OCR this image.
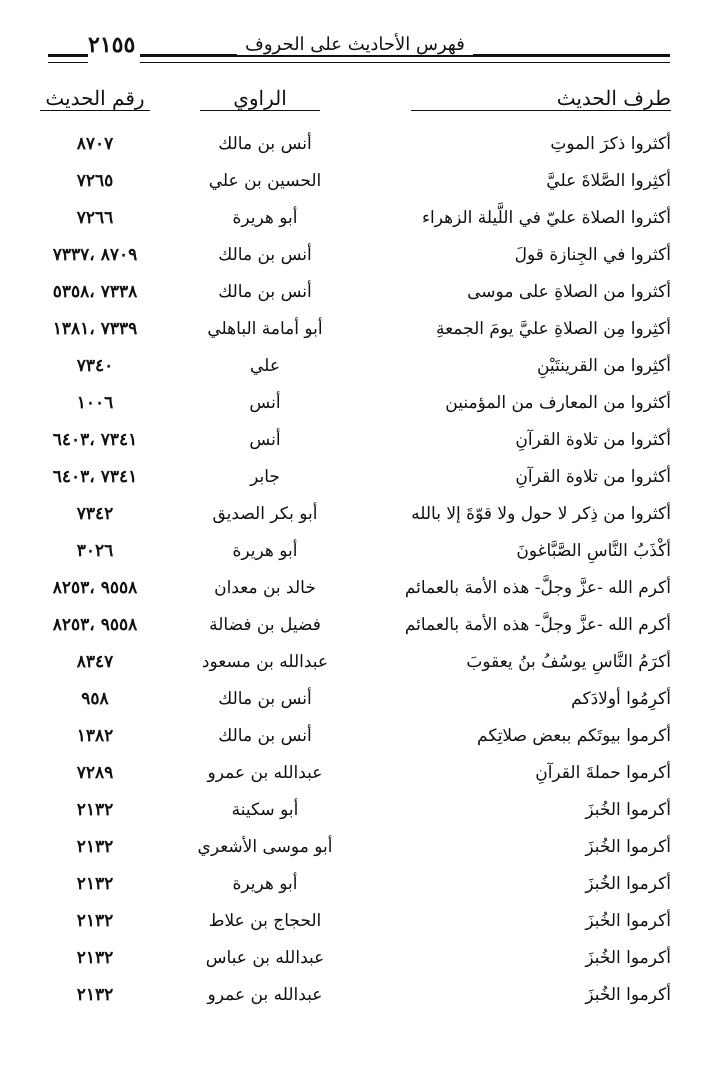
٢١٥٥	فهرس الأحاديث على الحروف
طرف الحديث
الراوي
رقم الحديث
أكثروا ذكرَ الموتِ
أنس بن مالك
٨٧٠٧
أكثِروا الصَّلاةَ عليَّ
الحسين بن علي
٧٢٦٥
أكثروا الصلاة عليّ في اللَّيلة الزهراء
أبو هريرة
٧٢٦٦
أكثروا في الجِنازة قولَ
أنس بن مالك
٨٧٠٩ ،٧٣٣٧
أكثروا من الصلاةِ على موسى
أنس بن مالك
٧٣٣٨ ،٥٣٥٨
أكثِروا مِن الصلاةِ عليَّ يومَ الجمعةِ
أبو أمامة الباهلي
٧٣٣٩ ،١٣٨١
أكثِروا من القرينتَيْنِ
علي
٧٣٤٠
أكثروا من المعارف من المؤمنين
أنس
١٠٠٦
أكثروا من تلاوة القرآنِ
أنس
٧٣٤١ ،٦٤٠٣
أكثروا من تلاوة القرآنِ
جابر
٧٣٤١ ،٦٤٠٣
أكثروا من ذِكر لا حول ولا قوّةَ إلا بالله
أبو بكر الصديق
٧٣٤٢
أكْذَبُ النَّاسِ الصَّبَّاغونَ
أبو هريرة
٣٠٢٦
أكرم الله -عزَّ وجلَّ- هذه الأمة بالعمائم
خالد بن معدان
٩٥٥٨ ،٨٢٥٣
أكرم الله -عزَّ وجلَّ- هذه الأمة بالعمائم
فضيل بن فضالة
٩٥٥٨ ،٨٢٥٣
أكرَمُ النَّاسِ يوسُفُ بنُ يعقوبَ
عبدالله بن مسعود
٨٣٤٧
أكرِمُوا أولادَكم
أنس بن مالك
٩٥٨
أكرموا بيوتَكم ببعض صلاتِكم
أنس بن مالك
١٣٨٢
أكرموا حملةَ القرآنِ
عبدالله بن عمرو
٧٢٨٩
أكرموا الخُبزَ
أبو سكينة
٢١٣٢
أكرموا الخُبزَ
أبو موسى الأشعري
٢١٣٢
أكرموا الخُبزَ
أبو هريرة
٢١٣٢
أكرموا الخُبزَ
الحجاج بن علاط
٢١٣٢
أكرموا الخُبزَ
عبدالله بن عباس
٢١٣٢
أكرموا الخُبزَ
عبدالله بن عمرو
٢١٣٢
